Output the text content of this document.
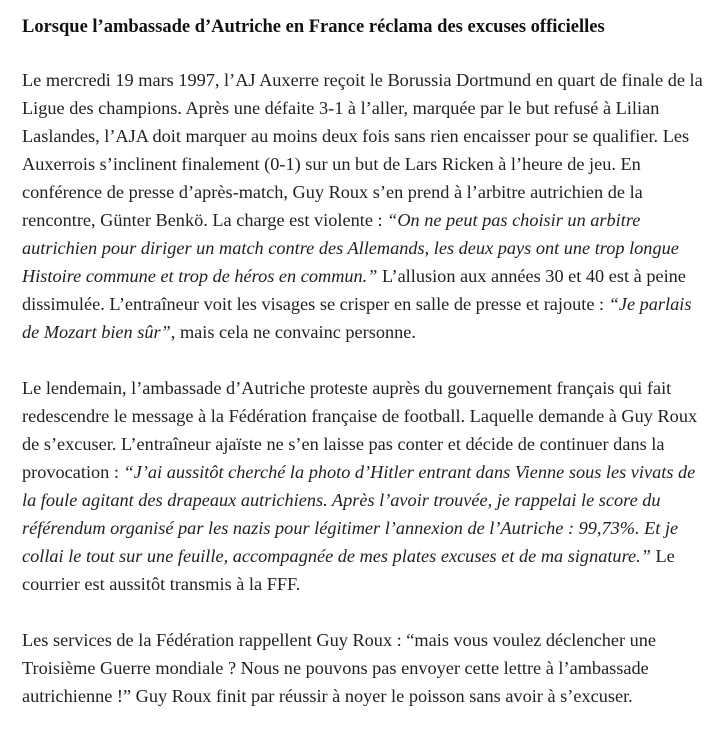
Lorsque l’ambassade d’Autriche en France réclama des excuses officielles

Le mercredi 19 mars 1997, l’AJ Auxerre reçoit le Borussia Dortmund en quart de finale de la Ligue des champions. Après une défaite 3-1 à l’aller, marquée par le but refusé à Lilian Laslandes, l’AJA doit marquer au moins deux fois sans rien encaisser pour se qualifier. Les Auxerrois s’inclinent finalement (0-1) sur un but de Lars Ricken à l’heure de jeu. En conférence de presse d’après-match, Guy Roux s’en prend à l’arbitre autrichien de la rencontre, Günter Benkö. La charge est violente : “On ne peut pas choisir un arbitre autrichien pour diriger un match contre des Allemands, les deux pays ont une trop longue Histoire commune et trop de héros en commun.” L’allusion aux années 30 et 40 est à peine dissimulée. L’entraîneur voit les visages se crisper en salle de presse et rajoute : “Je parlais de Mozart bien sûr”, mais cela ne convainc personne.

Le lendemain, l’ambassade d’Autriche proteste auprès du gouvernement français qui fait redescendre le message à la Fédération française de football. Laquelle demande à Guy Roux de s’excuser. L’entraîneur ajaïste ne s’en laisse pas conter et décide de continuer dans la provocation : “J’ai aussitôt cherché la photo d’Hitler entrant dans Vienne sous les vivats de la foule agitant des drapeaux autrichiens. Après l’avoir trouvée, je rappelai le score du référendum organisé par les nazis pour légitimer l’annexion de l’Autriche : 99,73%. Et je collai le tout sur une feuille, accompagnée de mes plates excuses et de ma signature.” Le courrier est aussitôt transmis à la FFF.

Les services de la Fédération rappellent Guy Roux : “mais vous voulez déclencher une Troisième Guerre mondiale ? Nous ne pouvons pas envoyer cette lettre à l’ambassade autrichienne !” Guy Roux finit par réussir à noyer le poisson sans avoir à s’excuser.
